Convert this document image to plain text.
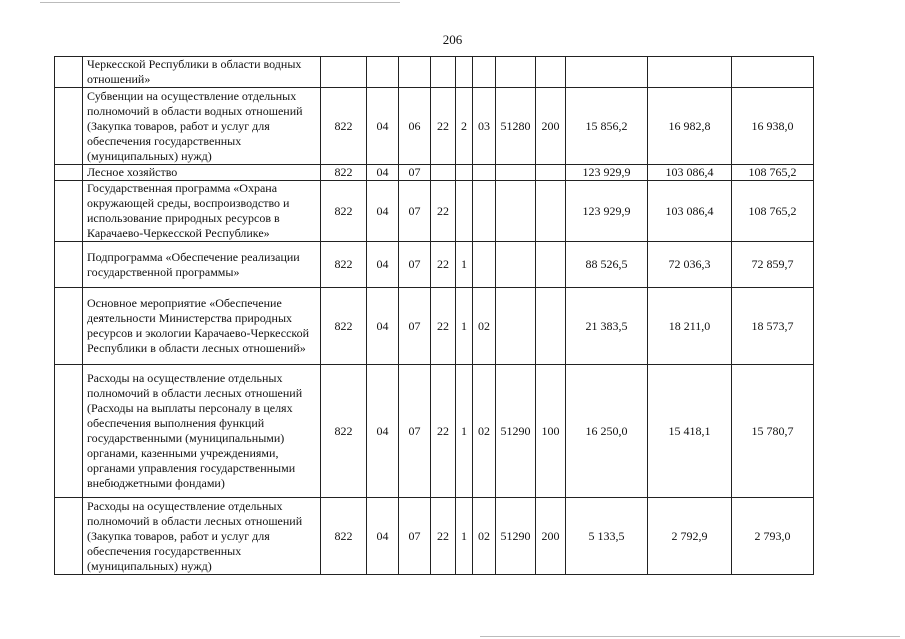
206
	Черкесской Республики в области водных отношений»											
	Субвенции на осуществление отдельных полномочий в области водных отношений (Закупка товаров, работ и услуг для обеспечения государственных (муниципальных) нужд)	822	04	06	22	2	03	51280	200	15 856,2	16 982,8	16 938,0
	Лесное хозяйство	822	04	07						123 929,9	103 086,4	108 765,2
	Государственная программа «Охрана окружающей среды, воспроизводство и использование природных ресурсов в Карачаево-Черкесской Республике»	822	04	07	22					123 929,9	103 086,4	108 765,2
	Подпрограмма «Обеспечение реализации государственной программы»	822	04	07	22	1				88 526,5	72 036,3	72 859,7
	Основное мероприятие «Обеспечение деятельности Министерства природных ресурсов и экологии Карачаево-Черкесской Республики в области лесных отношений»	822	04	07	22	1	02			21 383,5	18 211,0	18 573,7
	Расходы на осуществление отдельных полномочий в области лесных отношений (Расходы на выплаты персоналу в целях обеспечения выполнения функций государственными (муниципальными) органами, казенными учреждениями, органами управления государственными внебюджетными фондами)	822	04	07	22	1	02	51290	100	16 250,0	15 418,1	15 780,7
	Расходы на осуществление отдельных полномочий в области лесных отношений (Закупка товаров, работ и услуг для обеспечения государственных (муниципальных) нужд)	822	04	07	22	1	02	51290	200	5 133,5	2 792,9	2 793,0
